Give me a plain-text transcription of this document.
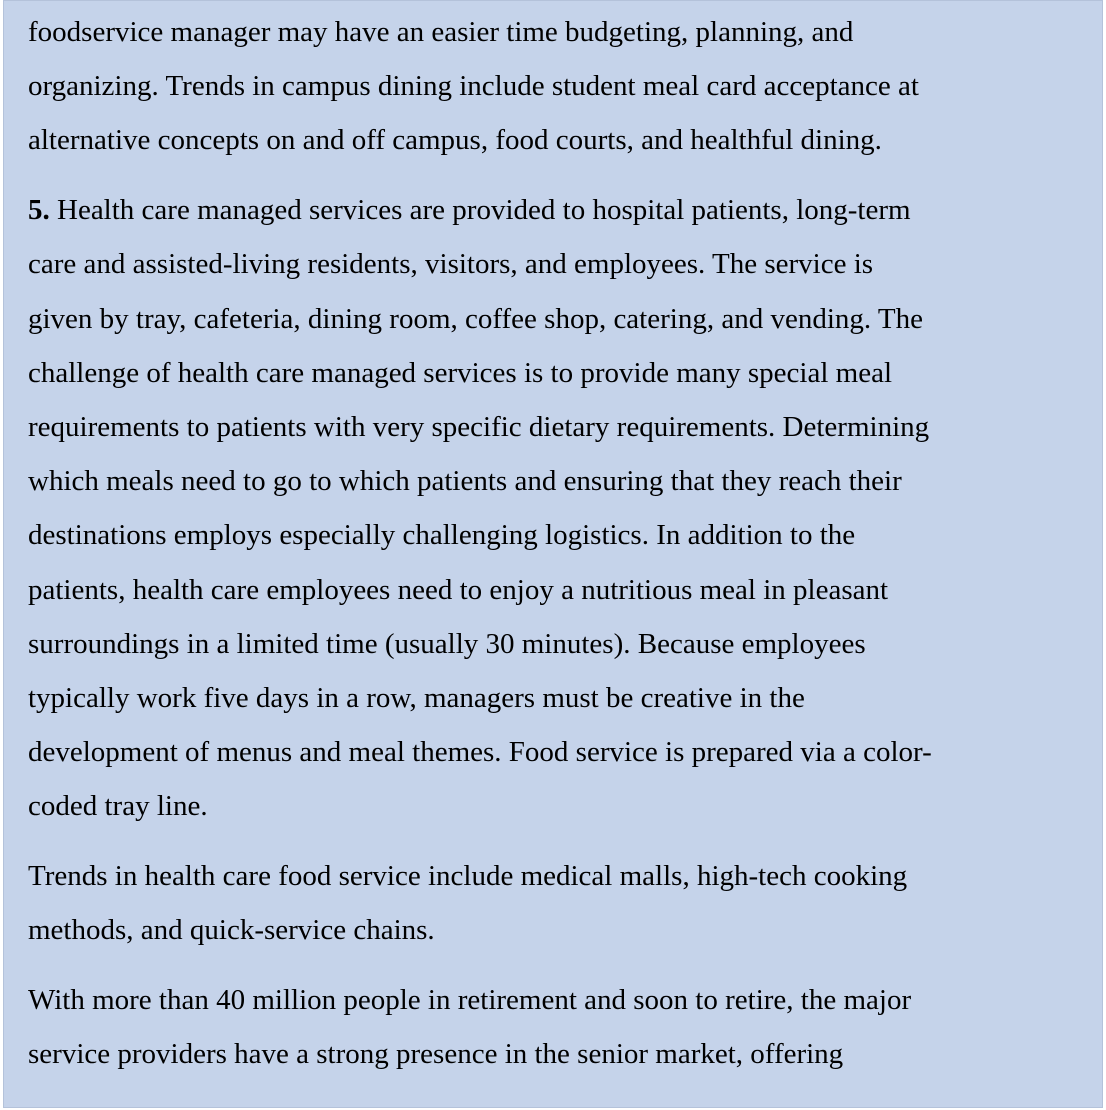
foodservice manager may have an easier time budgeting, planning, and
organizing. Trends in campus dining include student meal card acceptance at
alternative concepts on and off campus, food courts, and healthful dining.

5. Health care managed services are provided to hospital patients, long-term
care and assisted-living residents, visitors, and employees. The service is
given by tray, cafeteria, dining room, coffee shop, catering, and vending. The
challenge of health care managed services is to provide many special meal
requirements to patients with very specific dietary requirements. Determining
which meals need to go to which patients and ensuring that they reach their
destinations employs especially challenging logistics. In addition to the
patients, health care employees need to enjoy a nutritious meal in pleasant
surroundings in a limited time (usually 30 minutes). Because employees
typically work five days in a row, managers must be creative in the
development of menus and meal themes. Food service is prepared via a color-
coded tray line.

Trends in health care food service include medical malls, high-tech cooking
methods, and quick-service chains.

With more than 40 million people in retirement and soon to retire, the major
service providers have a strong presence in the senior market, offering
